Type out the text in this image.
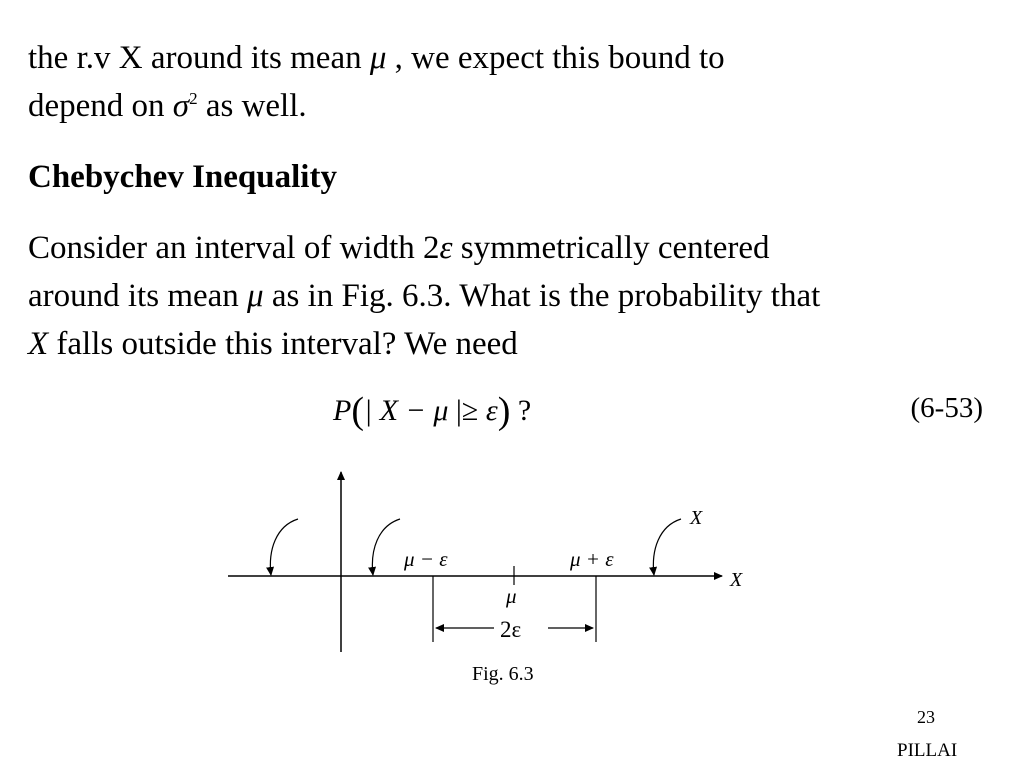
the r.v X around its mean μ , we expect this bound to
depend on $\sigma^2$ as well.
Chebychev Inequality
Consider an interval of width 2ε symmetrically centered
around its mean μ as in Fig. 6.3. What is the probability that
X falls outside this interval? We need
P(| X − μ |≥ ε) ?	(6-53)
μ − ε	μ + ε
μ
2ε
X
X
Fig. 6.3
23
PILLAI
